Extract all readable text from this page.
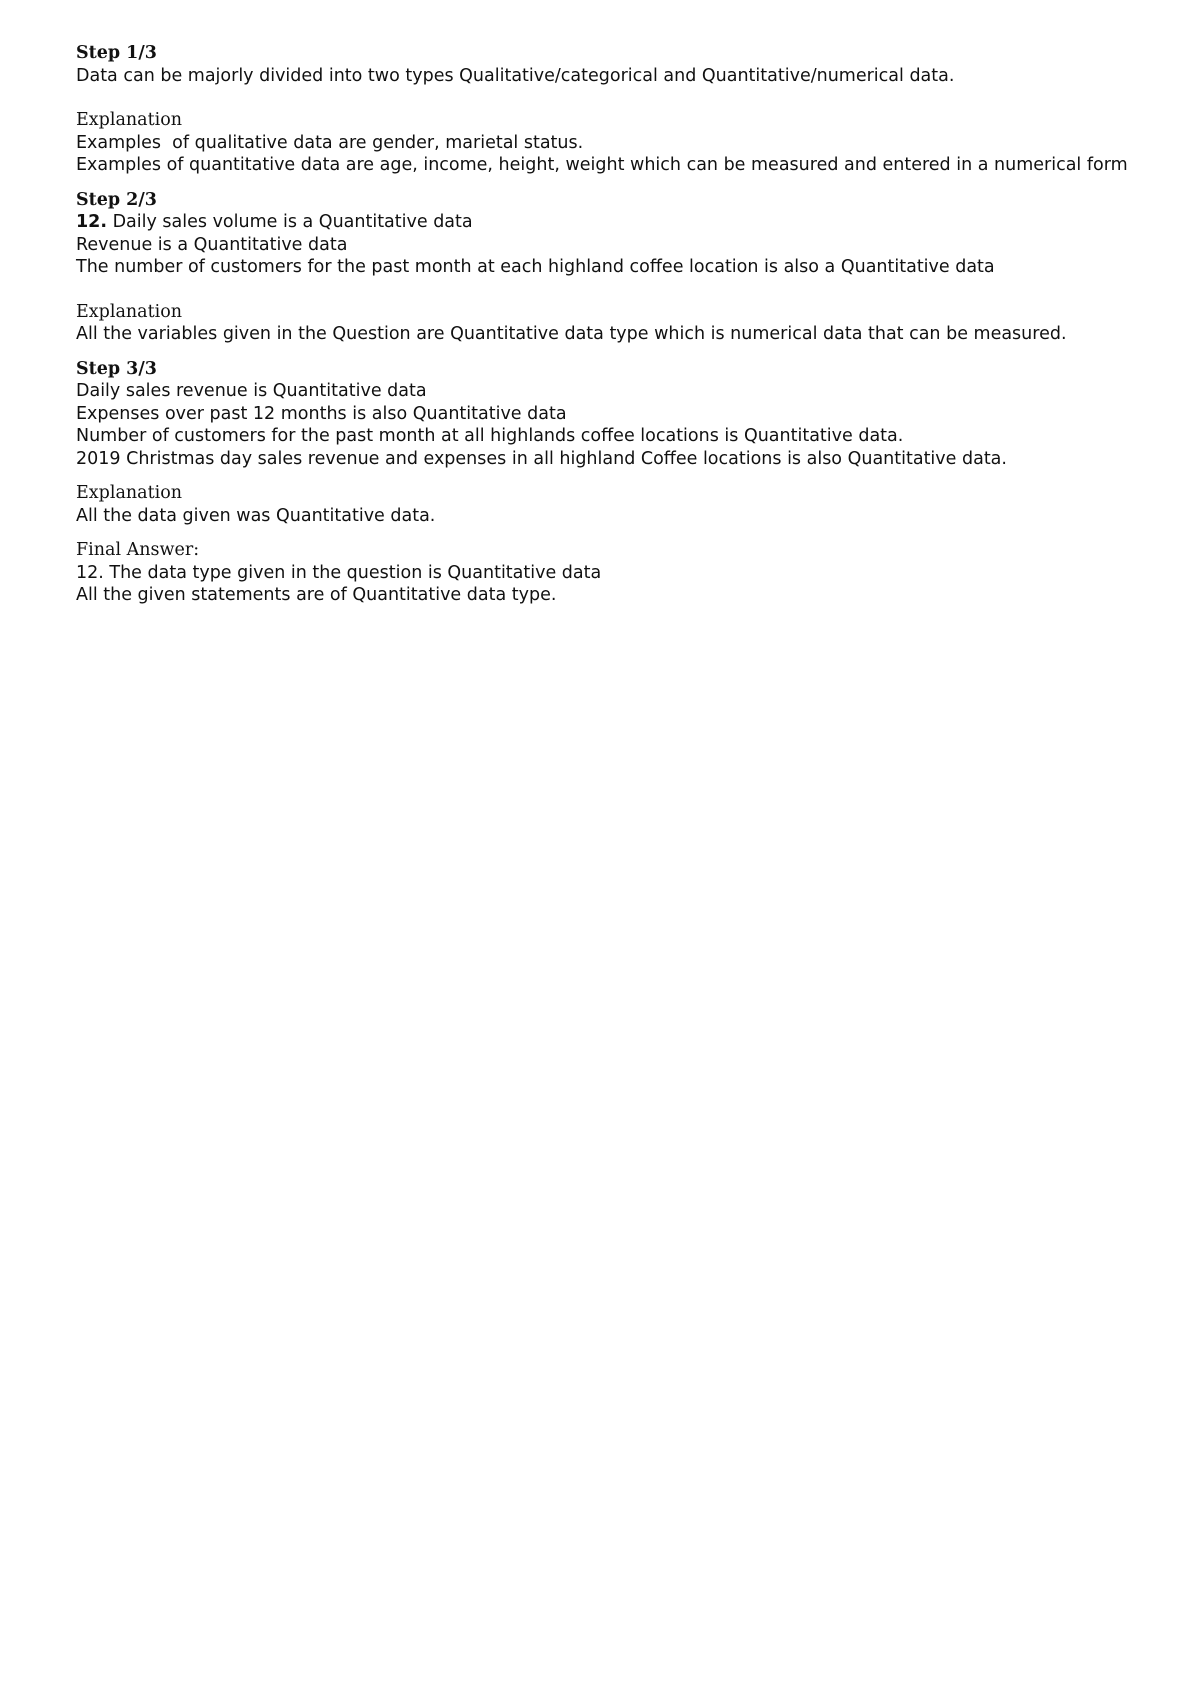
Step 1/3

Data can be majorly divided into two types Qualitative/categorical and Quantitative/numerical data.

Explanation

Examples  of qualitative data are gender, marietal status.

Examples of quantitative data are age, income, height, weight which can be measured and entered in a numerical form

Step 2/3

12. Daily sales volume is a Quantitative data

Revenue is a Quantitative data

The number of customers for the past month at each highland coffee location is also a Quantitative data

Explanation

All the variables given in the Question are Quantitative data type which is numerical data that can be measured.

Step 3/3

Daily sales revenue is Quantitative data

Expenses over past 12 months is also Quantitative data

Number of customers for the past month at all highlands coffee locations is Quantitative data.

2019 Christmas day sales revenue and expenses in all highland Coffee locations is also Quantitative data.

Explanation

All the data given was Quantitative data.

Final Answer:

12. The data type given in the question is Quantitative data

All the given statements are of Quantitative data type.
